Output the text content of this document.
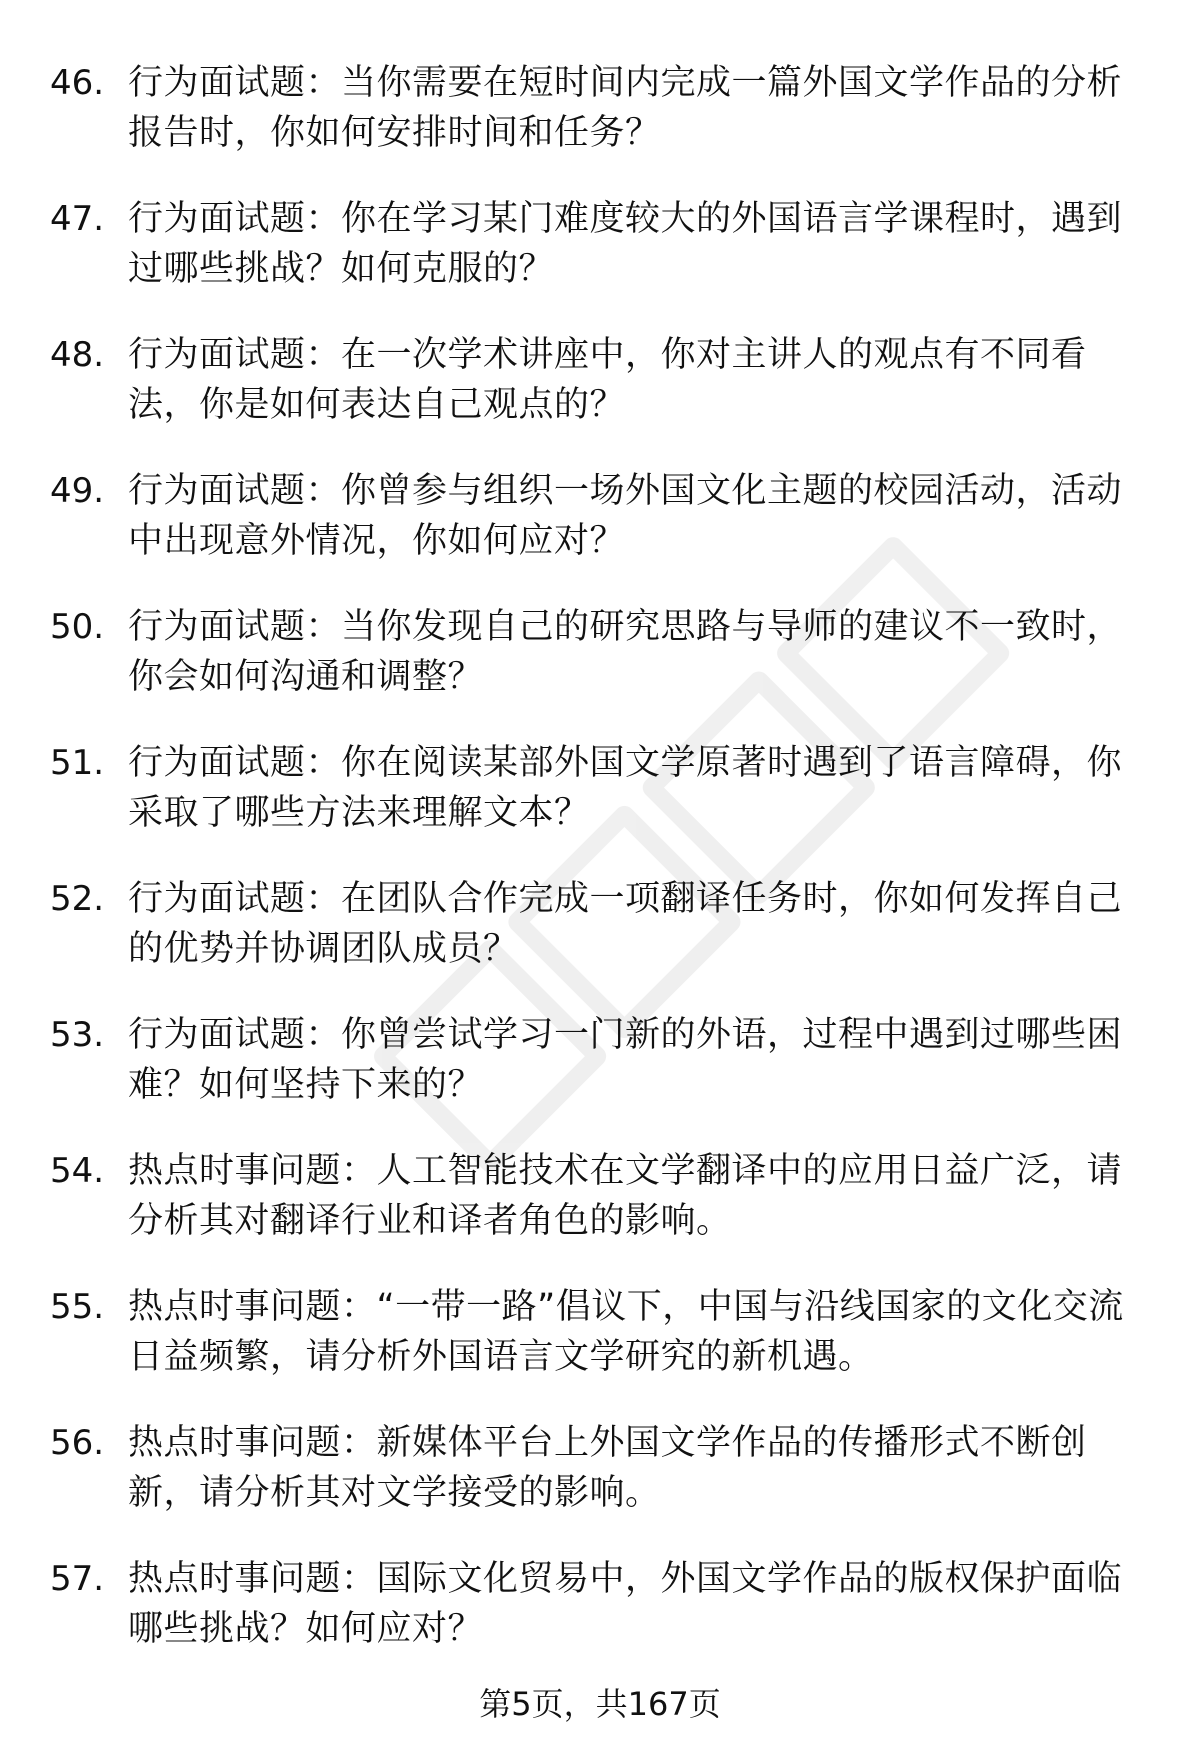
46. 行为面试题：当你需要在短时间内完成一篇外国文学作品的分析报告时，你如何安排时间和任务？
47. 行为面试题：你在学习某门难度较大的外国语言学课程时，遇到过哪些挑战？如何克服的？
48. 行为面试题：在一次学术讲座中，你对主讲人的观点有不同看法，你是如何表达自己观点的？
49. 行为面试题：你曾参与组织一场外国文化主题的校园活动，活动中出现意外情况，你如何应对？
50. 行为面试题：当你发现自己的研究思路与导师的建议不一致时，你会如何沟通和调整？
51. 行为面试题：你在阅读某部外国文学原著时遇到了语言障碍，你采取了哪些方法来理解文本？
52. 行为面试题：在团队合作完成一项翻译任务时，你如何发挥自己的优势并协调团队成员？
53. 行为面试题：你曾尝试学习一门新的外语，过程中遇到过哪些困难？如何坚持下来的？
54. 热点时事问题：人工智能技术在文学翻译中的应用日益广泛，请分析其对翻译行业和译者角色的影响。
55. 热点时事问题：“一带一路”倡议下，中国与沿线国家的文化交流日益频繁，请分析外国语言文学研究的新机遇。
56. 热点时事问题：新媒体平台上外国文学作品的传播形式不断创新，请分析其对文学接受的影响。
57. 热点时事问题：国际文化贸易中，外国文学作品的版权保护面临哪些挑战？如何应对？
第5页，共167页
